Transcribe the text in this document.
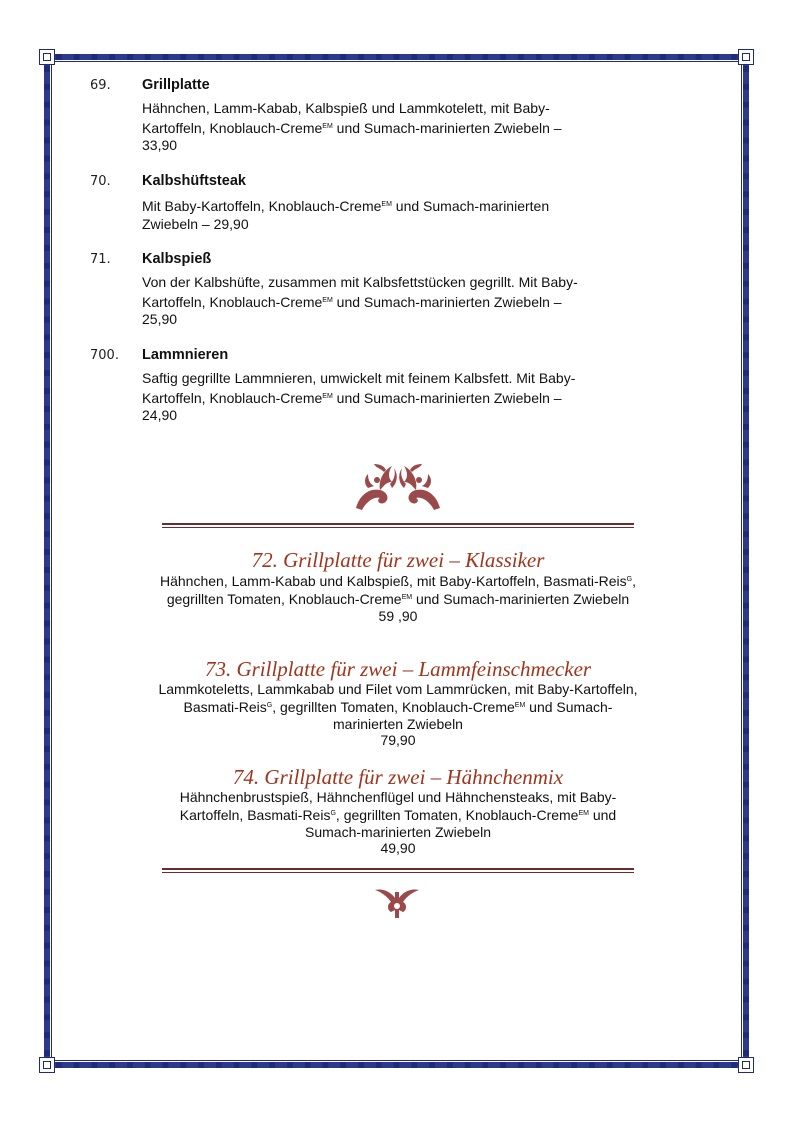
69. Grillplatte
Hähnchen, Lamm-Kabab, Kalbspieß und Lammkotelett, mit Baby-Kartoffeln, Knoblauch-Creme$^{EM}$ und Sumach-marinierten Zwiebeln – 33,90
70. Kalbshüftsteak
Mit Baby-Kartoffeln, Knoblauch-Creme$^{EM}$ und Sumach-marinierten Zwiebeln – 29,90
71. Kalbspieß
Von der Kalbshüfte, zusammen mit Kalbsfettstücken gegrillt. Mit Baby-Kartoffeln, Knoblauch-Creme$^{EM}$ und Sumach-marinierten Zwiebeln – 25,90
700. Lammnieren
Saftig gegrillte Lammnieren, umwickelt mit feinem Kalbsfett. Mit Baby-Kartoffeln, Knoblauch-Creme$^{EM}$ und Sumach-marinierten Zwiebeln – 24,90
72. Grillplatte für zwei – Klassiker
Hähnchen, Lamm-Kabab und Kalbspieß, mit Baby-Kartoffeln, Basmati-Reis$^G$, gegrillten Tomaten, Knoblauch-Creme$^{EM}$ und Sumach-marinierten Zwiebeln
59 ,90
73. Grillplatte für zwei – Lammfeinschmecker
Lammkoteletts, Lammkabab und Filet vom Lammrücken, mit Baby-Kartoffeln, Basmati-Reis$^G$, gegrillten Tomaten, Knoblauch-Creme$^{EM}$ und Sumach-marinierten Zwiebeln
79,90
74. Grillplatte für zwei – Hähnchenmix
Hähnchenbrustspieß, Hähnchenflügel und Hähnchensteaks, mit Baby-Kartoffeln, Basmati-Reis$^G$, gegrillten Tomaten, Knoblauch-Creme$^{EM}$ und Sumach-marinierten Zwiebeln
49,90
